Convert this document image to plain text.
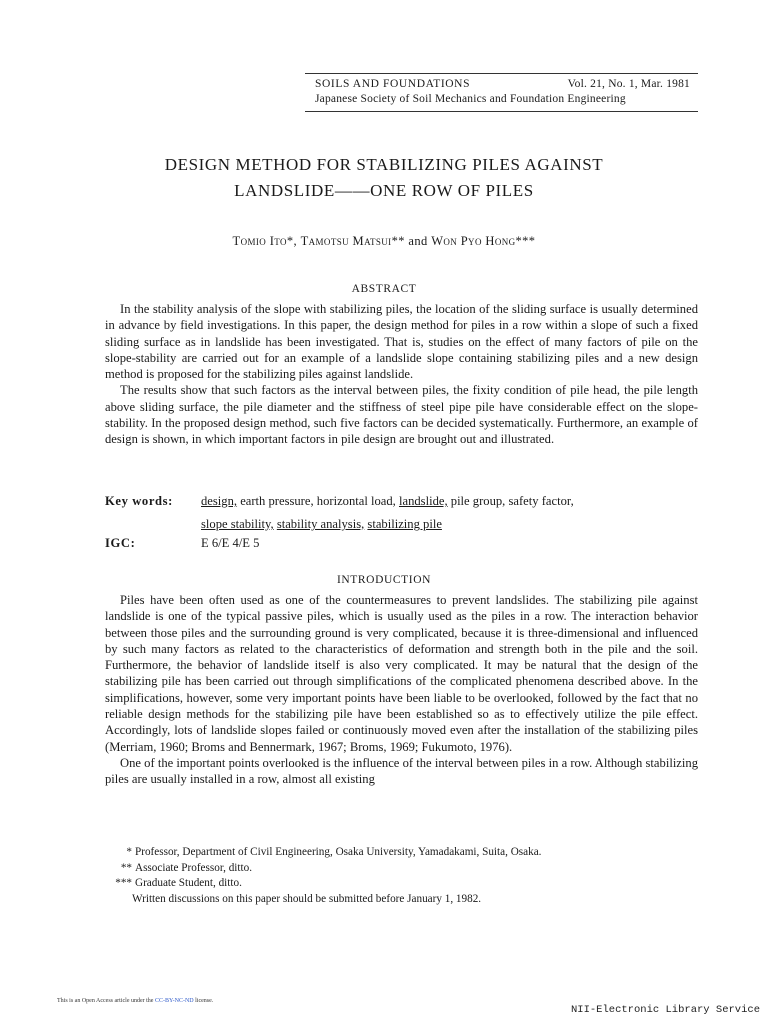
SOILS AND FOUNDATIONS	Vol. 21, No. 1, Mar. 1981
Japanese Society of Soil Mechanics and Foundation Engineering
DESIGN METHOD FOR STABILIZING PILES AGAINST
LANDSLIDE——ONE ROW OF PILES
Tomio Ito*, Tamotsu Matsui** and Won Pyo Hong***
ABSTRACT

In the stability analysis of the slope with stabilizing piles, the location of the sliding surface is usually determined in advance by field investigations. In this paper, the design method for piles in a row within a slope of such a fixed sliding surface as in landslide has been investigated. That is, studies on the effect of many factors of pile on the slope-stability are carried out for an example of a landslide slope containing stabilizing piles and a new design method is proposed for the stabilizing piles against landslide.

The results show that such factors as the interval between piles, the fixity condition of pile head, the pile length above sliding surface, the pile diameter and the stiffness of steel pipe pile have considerable effect on the slope-stability. In the proposed design method, such five factors can be decided systematically. Furthermore, an example of design is shown, in which important factors in pile design are brought out and illustrated.

Key words: design, earth pressure, horizontal load, landslide, pile group, safety factor,
slope stability, stability analysis, stabilizing pile
IGC:	E 6/E 4/E 5
INTRODUCTION

Piles have been often used as one of the countermeasures to prevent landslides. The stabilizing pile against landslide is one of the typical passive piles, which is usually used as the piles in a row. The interaction behavior between those piles and the surrounding ground is very complicated, because it is three-dimensional and influenced by such many factors as related to the characteristics of deformation and strength both in the pile and the soil. Furthermore, the behavior of landslide itself is also very complicated. It may be natural that the design of the stabilizing pile has been carried out through simplifications of the complicated phenomena described above. In the simplifications, however, some very important points have been liable to be overlooked, followed by the fact that no reliable design methods for the stabilizing pile have been established so as to effectively utilize the pile effect. Accordingly, lots of landslide slopes failed or continuously moved even after the installation of the stabilizing piles (Merriam, 1960; Broms and Bennermark, 1967; Broms, 1969; Fukumoto, 1976).

One of the important points overlooked is the influence of the interval between piles in a row. Although stabilizing piles are usually installed in a row, almost all existing

* Professor, Department of Civil Engineering, Osaka University, Yamadakami, Suita, Osaka.
** Associate Professor, ditto.
*** Graduate Student, ditto.
Written discussions on this paper should be submitted before January 1, 1982.
This is an Open Access article under the CC-BY-NC-ND license.
NII-Electronic Library Service
